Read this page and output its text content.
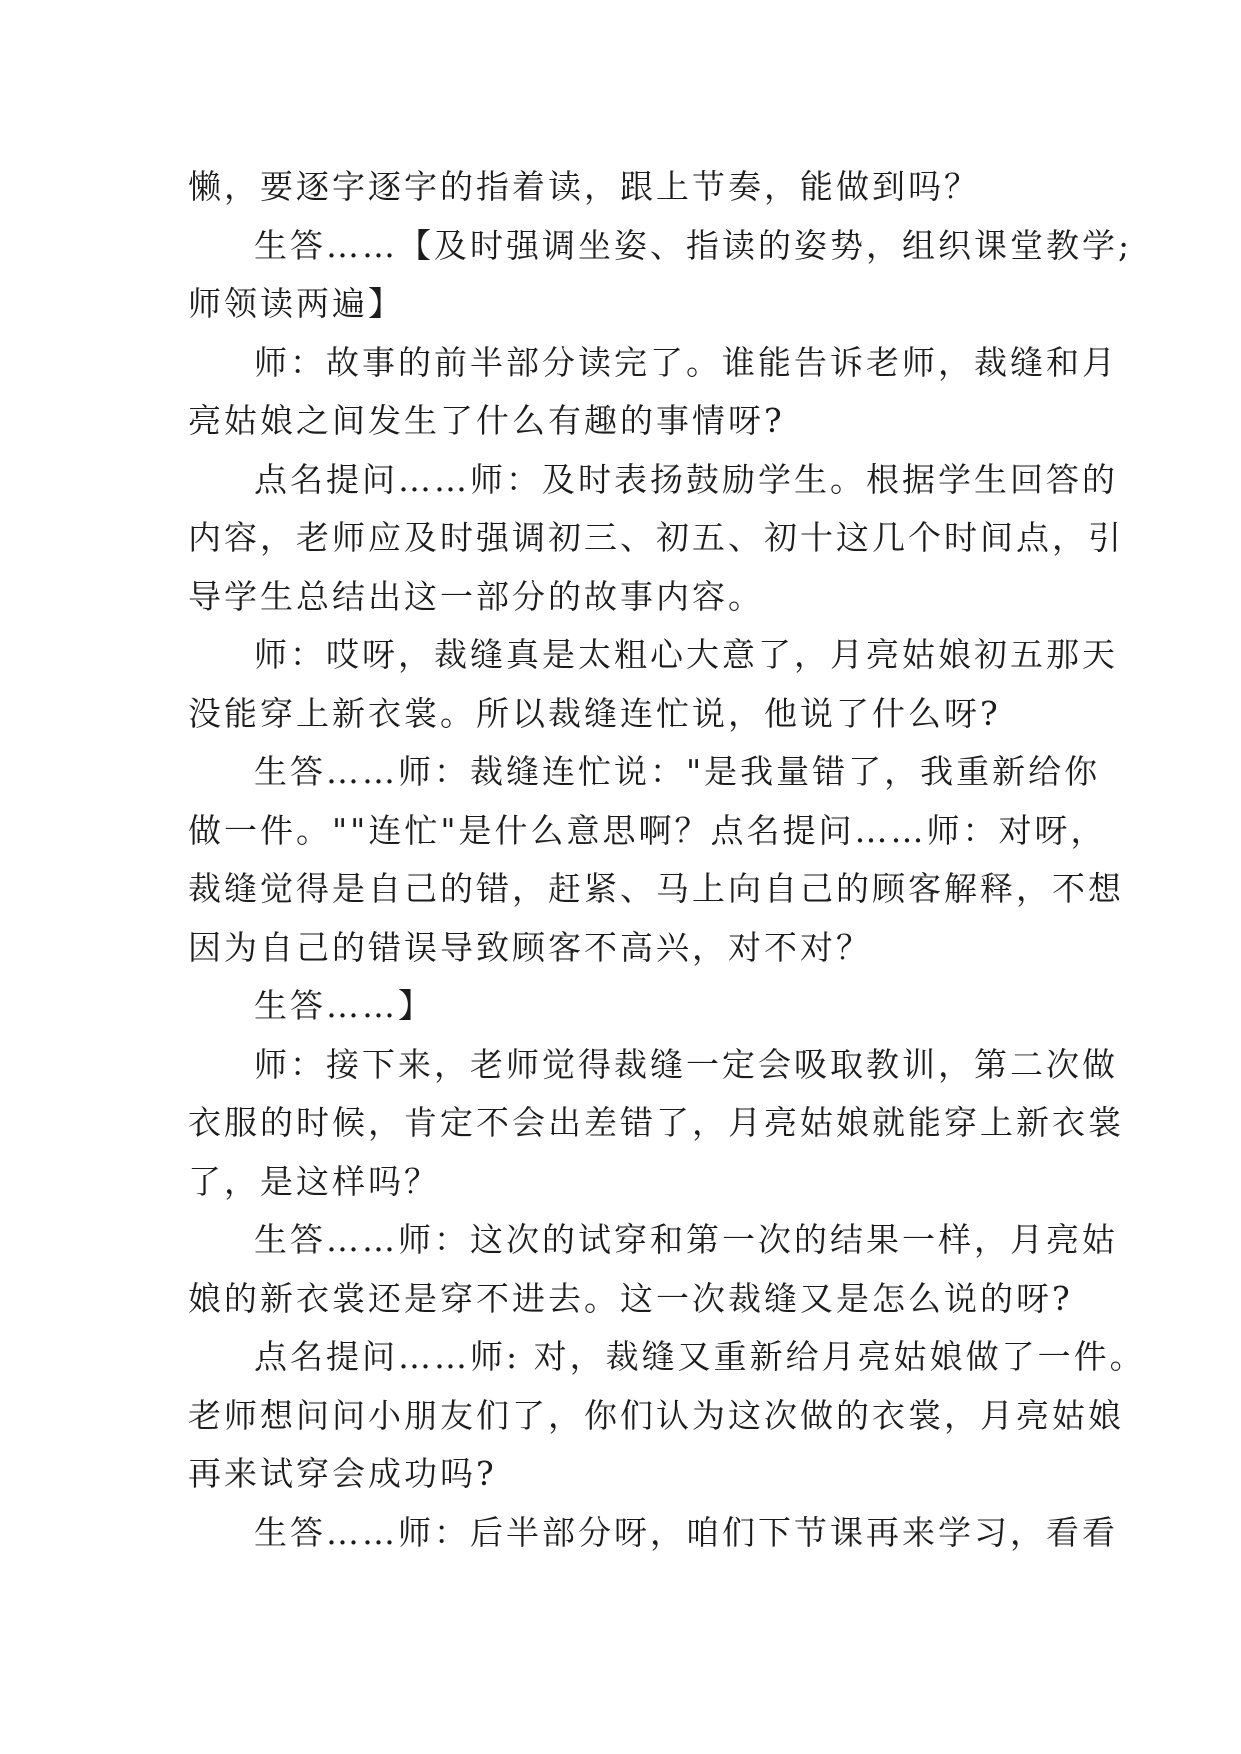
懒，要逐字逐字的指着读，跟上节奏，能做到吗？
生答……【及时强调坐姿、指读的姿势，组织课堂教学;
师领读两遍】
师：故事的前半部分读完了。谁能告诉老师，裁缝和月
亮姑娘之间发生了什么有趣的事情呀?
点名提问……师：及时表扬鼓励学生。根据学生回答的
内容，老师应及时强调初三、初五、初十这几个时间点，引
导学生总结出这一部分的故事内容。
师：哎呀，裁缝真是太粗心大意了，月亮姑娘初五那天
没能穿上新衣裳。所以裁缝连忙说，他说了什么呀?
生答……师：裁缝连忙说："是我量错了，我重新给你
做一件。""连忙"是什么意思啊？点名提问……师：对呀，
裁缝觉得是自己的错，赶紧、马上向自己的顾客解释，不想
因为自己的错误导致顾客不高兴，对不对？
生答……】
师：接下来，老师觉得裁缝一定会吸取教训，第二次做
衣服的时候，肯定不会出差错了，月亮姑娘就能穿上新衣裳
了，是这样吗？
生答……师：这次的试穿和第一次的结果一样，月亮姑
娘的新衣裳还是穿不进去。这一次裁缝又是怎么说的呀?
点名提问……师: 对，裁缝又重新给月亮姑娘做了一件。
老师想问问小朋友们了，你们认为这次做的衣裳，月亮姑娘
再来试穿会成功吗?
生答……师：后半部分呀，咱们下节课再来学习，看看
